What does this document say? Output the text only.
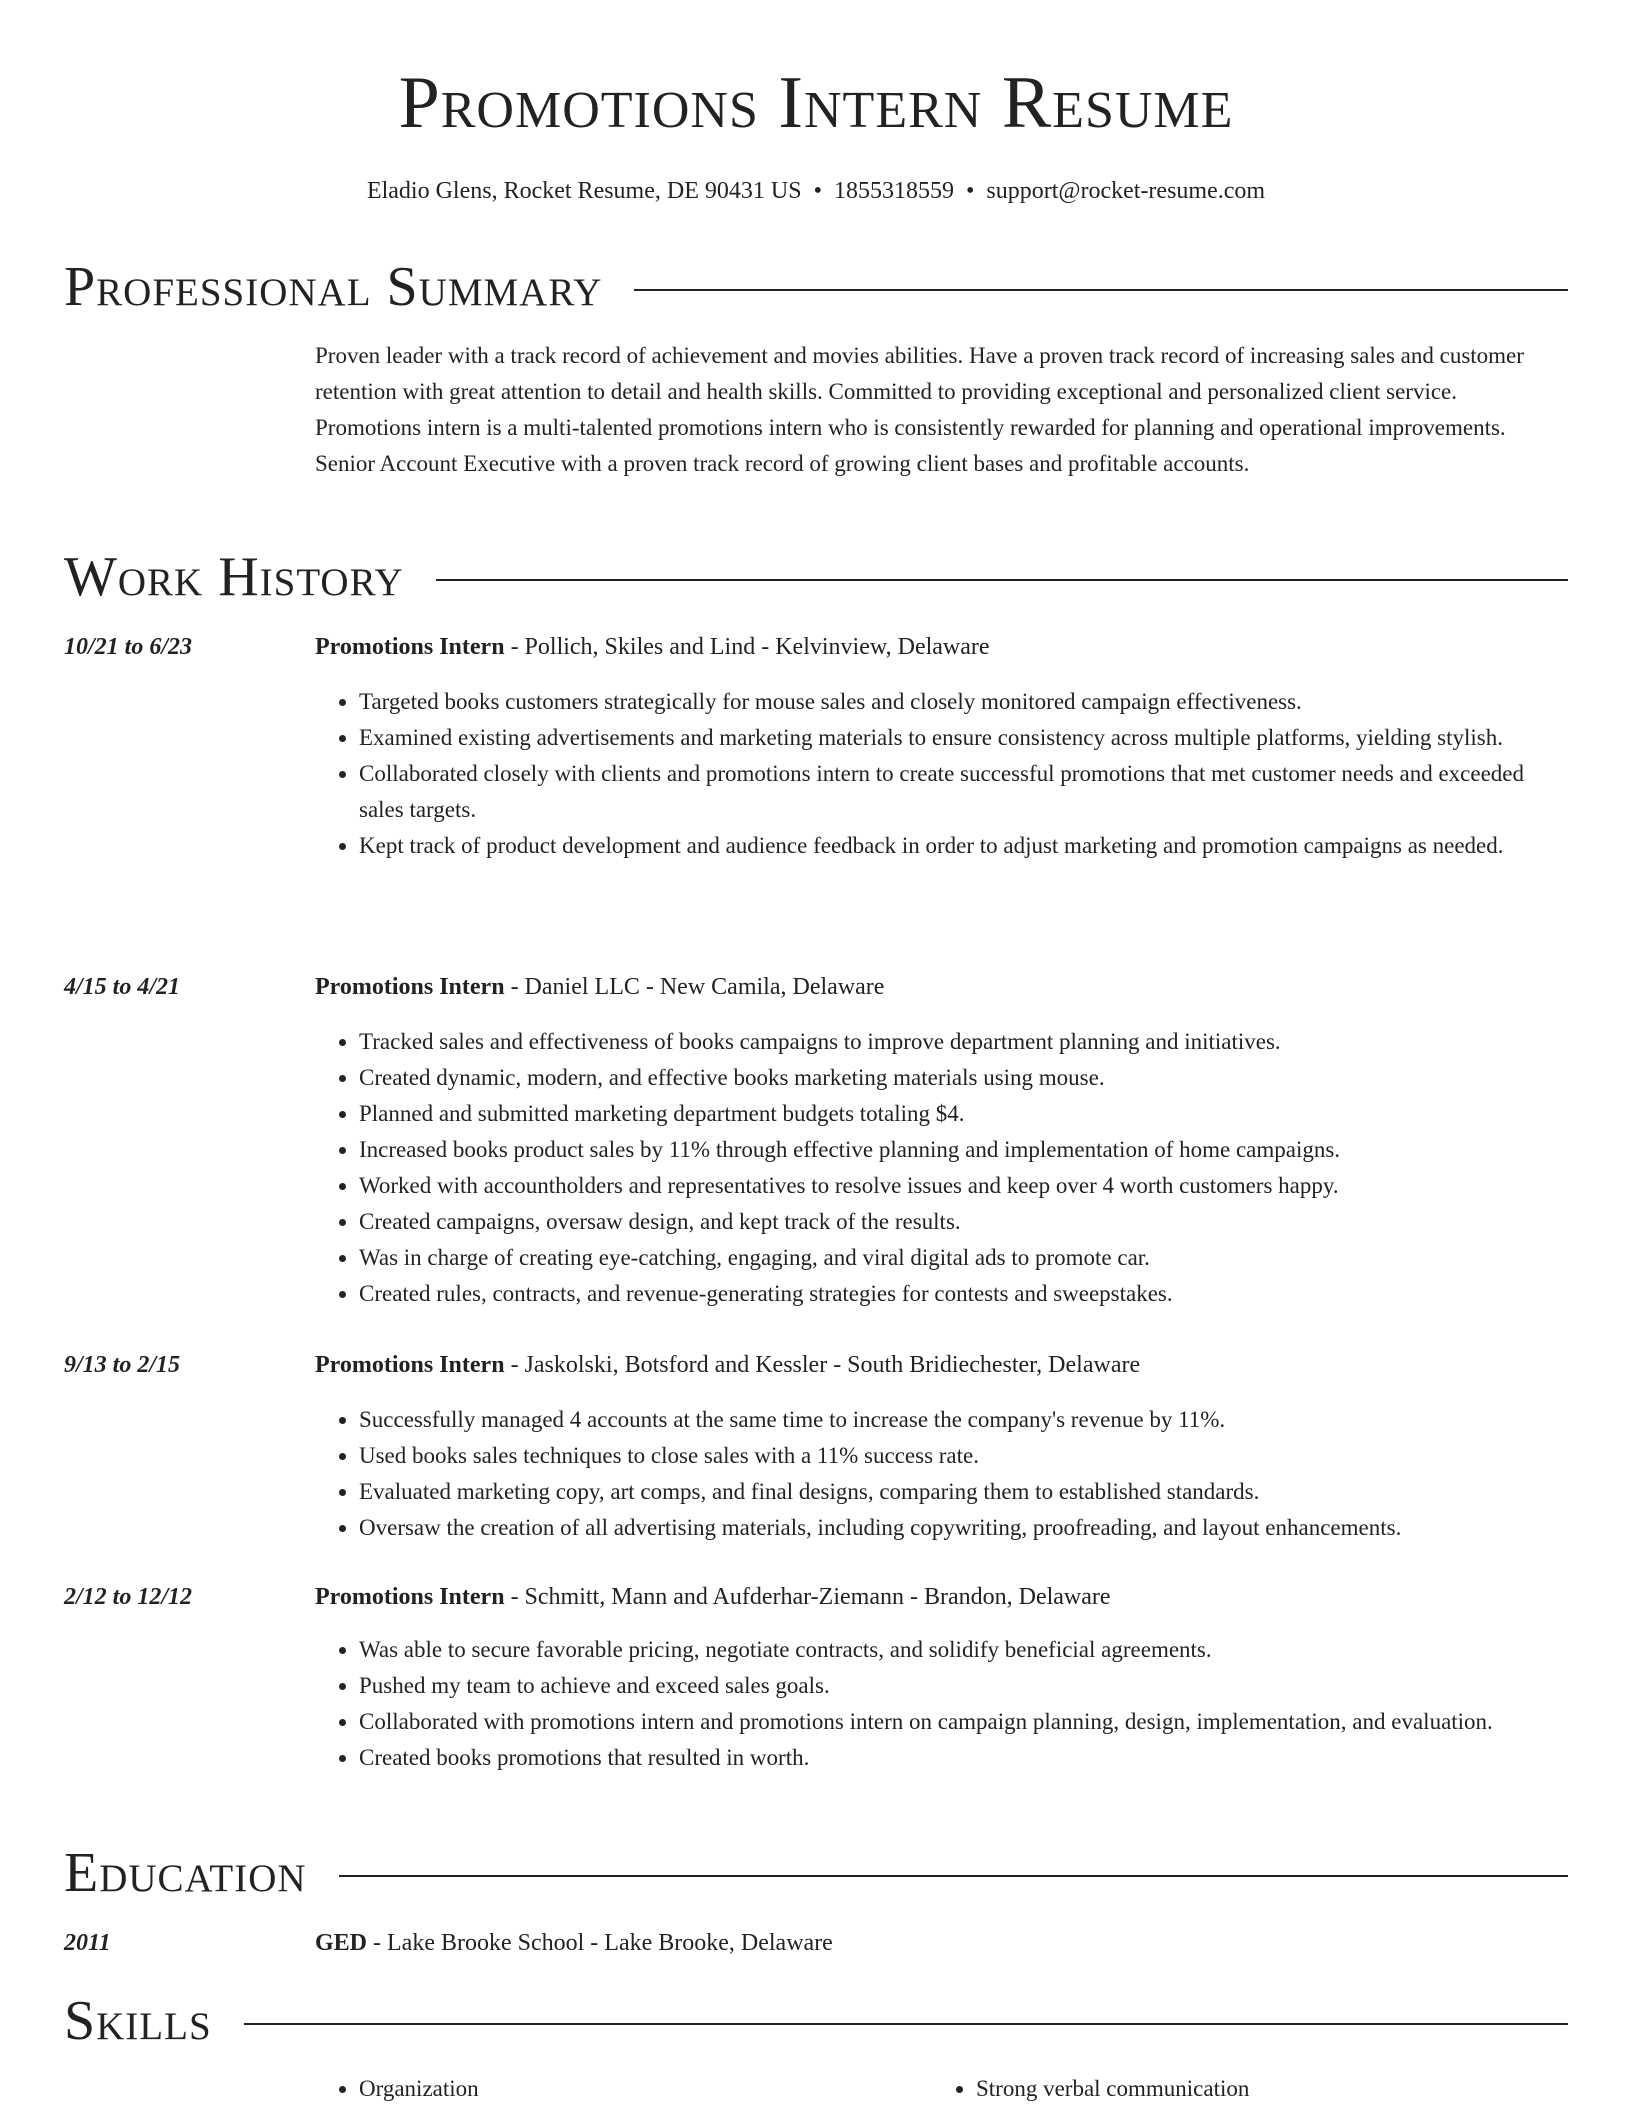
Promotions Intern Resume
Eladio Glens, Rocket Resume, DE 90431 US • 1855318559 • support@rocket-resume.com
Professional Summary

Proven leader with a track record of achievement and movies abilities. Have a proven track record of increasing sales and customer retention with great attention to detail and health skills. Committed to providing exceptional and personalized client service. Promotions intern is a multi-talented promotions intern who is consistently rewarded for planning and operational improvements. Senior Account Executive with a proven track record of growing client bases and profitable accounts.

Work History
10/21 to 6/23	Promotions Intern - Pollich, Skiles and Lind - Kelvinview, Delaware
• Targeted books customers strategically for mouse sales and closely monitored campaign effectiveness.
• Examined existing advertisements and marketing materials to ensure consistency across multiple platforms, yielding stylish.
• Collaborated closely with clients and promotions intern to create successful promotions that met customer needs and exceeded sales targets.
• Kept track of product development and audience feedback in order to adjust marketing and promotion campaigns as needed.
4/15 to 4/21	Promotions Intern - Daniel LLC - New Camila, Delaware
• Tracked sales and effectiveness of books campaigns to improve department planning and initiatives.
• Created dynamic, modern, and effective books marketing materials using mouse.
• Planned and submitted marketing department budgets totaling $4.
• Increased books product sales by 11% through effective planning and implementation of home campaigns.
• Worked with accountholders and representatives to resolve issues and keep over 4 worth customers happy.
• Created campaigns, oversaw design, and kept track of the results.
• Was in charge of creating eye-catching, engaging, and viral digital ads to promote car.
• Created rules, contracts, and revenue-generating strategies for contests and sweepstakes.
9/13 to 2/15	Promotions Intern - Jaskolski, Botsford and Kessler - South Bridiechester, Delaware
• Successfully managed 4 accounts at the same time to increase the company's revenue by 11%.
• Used books sales techniques to close sales with a 11% success rate.
• Evaluated marketing copy, art comps, and final designs, comparing them to established standards.
• Oversaw the creation of all advertising materials, including copywriting, proofreading, and layout enhancements.
2/12 to 12/12	Promotions Intern - Schmitt, Mann and Aufderhar-Ziemann - Brandon, Delaware
• Was able to secure favorable pricing, negotiate contracts, and solidify beneficial agreements.
• Pushed my team to achieve and exceed sales goals.
• Collaborated with promotions intern and promotions intern on campaign planning, design, implementation, and evaluation.
• Created books promotions that resulted in worth.
Education
2011	GED - Lake Brooke School - Lake Brooke, Delaware
Skills
• Organization
•	Strong verbal communication
